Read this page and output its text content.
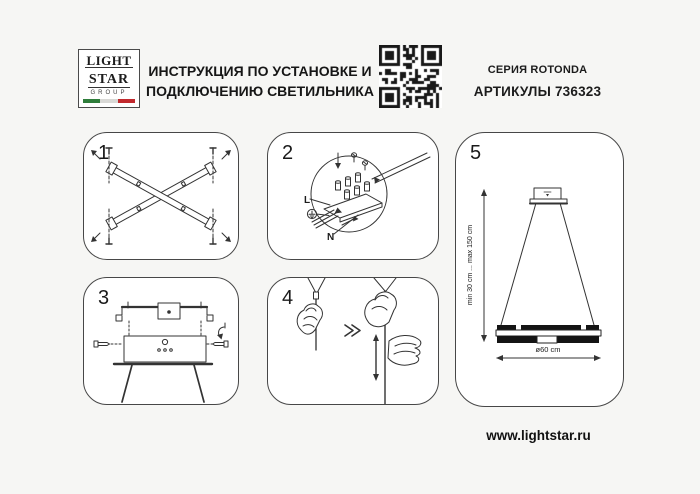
LIGHT STAR
GROUP
ИНСТРУКЦИЯ ПО УСТАНОВКЕ И
ПОДКЛЮЧЕНИЮ СВЕТИЛЬНИКА
СЕРИЯ ROTONDA
АРТИКУЛЫ 736323
1	2
L
N
3	4
5
min 30 cm ... max 150 cm
ø60 cm
www.lightstar.ru
